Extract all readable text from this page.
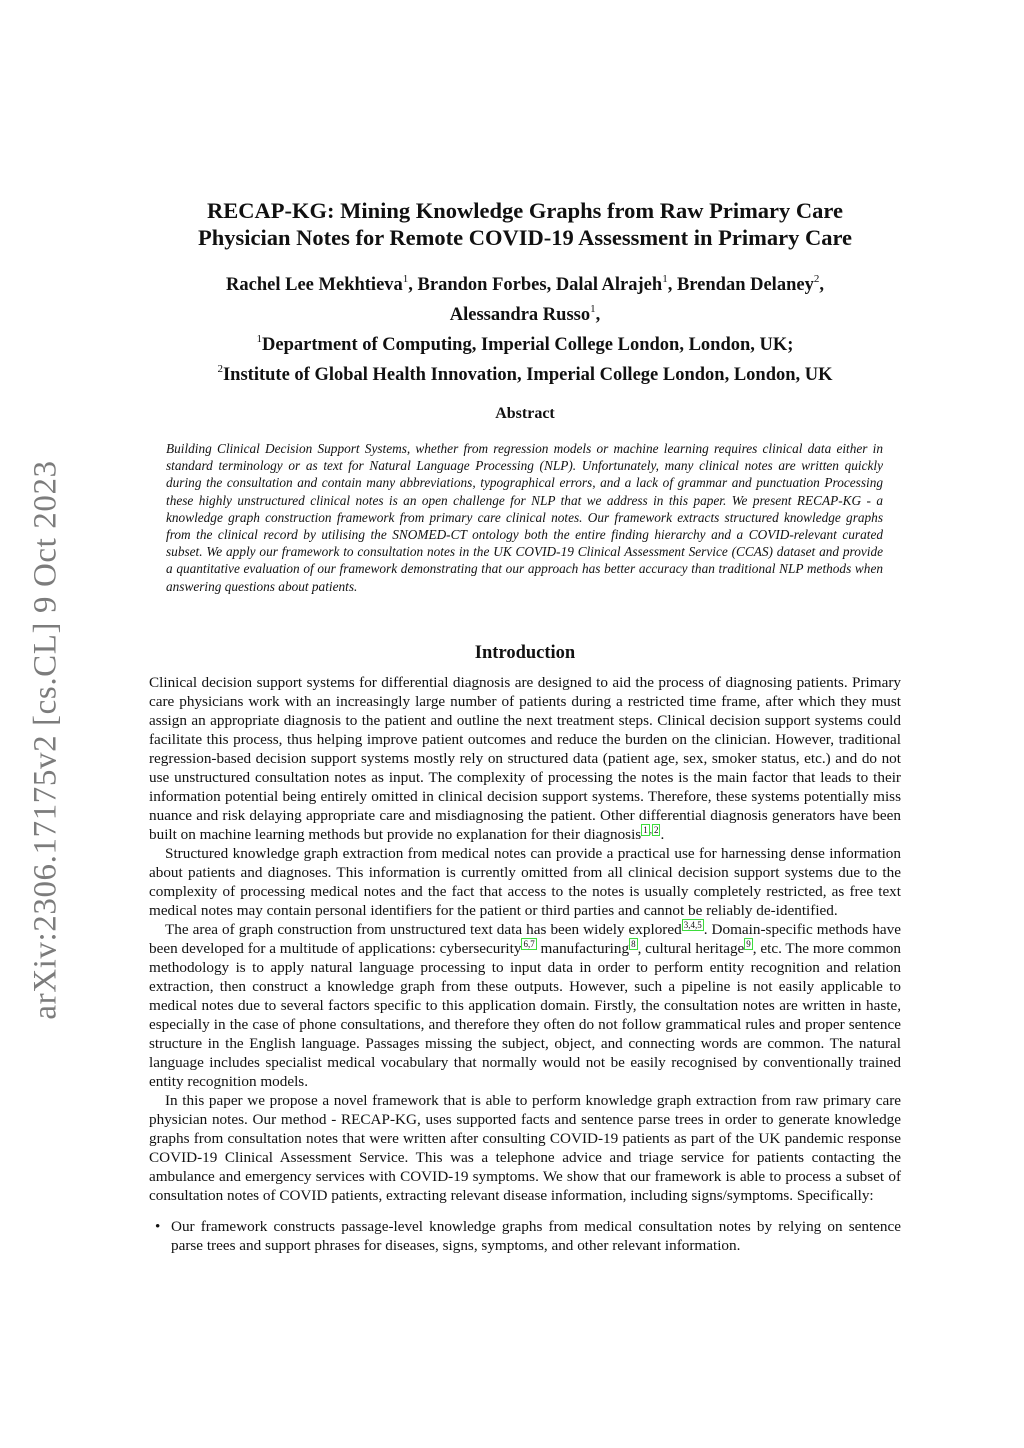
arXiv:2306.17175v2 [cs.CL] 9 Oct 2023
RECAP-KG: Mining Knowledge Graphs from Raw Primary Care
Physician Notes for Remote COVID-19 Assessment in Primary Care
Rachel Lee Mekhtieva$^1$, Brandon Forbes, Dalal Alrajeh$^1$, Brendan Delaney$^2$,
Alessandra Russo$^1$,
$^1$Department of Computing, Imperial College London, London, UK;
$^2$Institute of Global Health Innovation, Imperial College London, London, UK
Abstract

Building Clinical Decision Support Systems, whether from regression models or machine learning requires clinical data either in standard terminology or as text for Natural Language Processing (NLP). Unfortunately, many clinical notes are written quickly during the consultation and contain many abbreviations, typographical errors, and a lack of grammar and punctuation Processing these highly unstructured clinical notes is an open challenge for NLP that we address in this paper. We present RECAP-KG - a knowledge graph construction framework from primary care clinical notes. Our framework extracts structured knowledge graphs from the clinical record by utilising the SNOMED-CT ontology both the entire finding hierarchy and a COVID-relevant curated subset. We apply our framework to consultation notes in the UK COVID-19 Clinical Assessment Service (CCAS) dataset and provide a quantitative evaluation of our framework demonstrating that our approach has better accuracy than traditional NLP methods when answering questions about patients.

Introduction

Clinical decision support systems for differential diagnosis are designed to aid the process of diagnosing patients. Primary care physicians work with an increasingly large number of patients during a restricted time frame, after which they must assign an appropriate diagnosis to the patient and outline the next treatment steps. Clinical decision support systems could facilitate this process, thus helping improve patient outcomes and reduce the burden on the clinician. However, traditional regression-based decision support systems mostly rely on structured data (patient age, sex, smoker status, etc.) and do not use unstructured consultation notes as input. The complexity of processing the notes is the main factor that leads to their information potential being entirely omitted in clinical decision support systems. Therefore, these systems potentially miss nuance and risk delaying appropriate care and misdiagnosing the patient. Other differential diagnosis generators have been built on machine learning methods but provide no explanation for their diagnosis $^1$ , $^2$ .

Structured knowledge graph extraction from medical notes can provide a practical use for harnessing dense information about patients and diagnoses. This information is currently omitted from all clinical decision support systems due to the complexity of processing medical notes and the fact that access to the notes is usually completely restricted, as free text medical notes may contain personal identifiers for the patient or third parties and cannot be reliably de-identified.

The area of graph construction from unstructured text data has been widely explored $^{3,4,5}$ . Domain-specific methods have been developed for a multitude of applications: cybersecurity $^{6,7}$ manufacturing $^8$ , cultural heritage $^9$ , etc. The more common methodology is to apply natural language processing to input data in order to perform entity recognition and relation extraction, then construct a knowledge graph from these outputs. However, such a pipeline is not easily applicable to medical notes due to several factors specific to this application domain. Firstly, the consultation notes are written in haste, especially in the case of phone consultations, and therefore they often do not follow grammatical rules and proper sentence structure in the English language. Passages missing the subject, object, and connecting words are common. The natural language includes specialist medical vocabulary that normally would not be easily recognised by conventionally trained entity recognition models.

In this paper we propose a novel framework that is able to perform knowledge graph extraction from raw primary care physician notes. Our method - RECAP-KG, uses supported facts and sentence parse trees in order to generate knowledge graphs from consultation notes that were written after consulting COVID-19 patients as part of the UK pandemic response COVID-19 Clinical Assessment Service. This was a telephone advice and triage service for patients contacting the ambulance and emergency services with COVID-19 symptoms. We show that our framework is able to process a subset of consultation notes of COVID patients, extracting relevant disease information, including signs/symptoms. Specifically:

• Our framework constructs passage-level knowledge graphs from medical consultation notes by relying on sentence parse trees and support phrases for diseases, signs, symptoms, and other relevant information.
